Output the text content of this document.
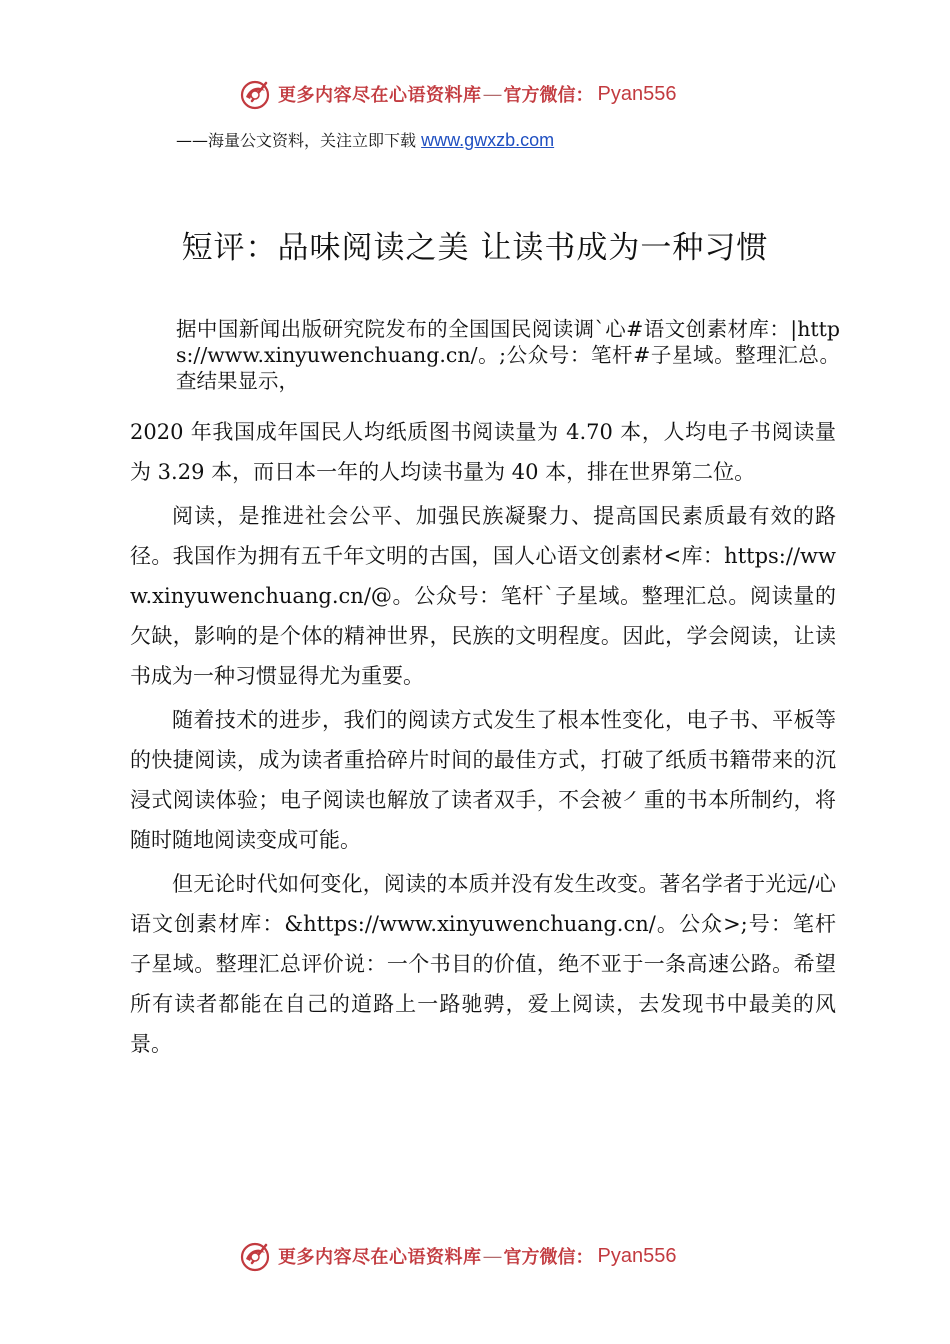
更多内容尽在心语资料库 — 官方微信： Pyan556
——海量公文资料，关注立即下载 www.gwxzb.com
短评：品味阅读之美 让读书成为一种习惯
据中国新闻出版研究院发布的全国国民阅读调`心#语文创素材库：|https://www.xinyuwenchuang.cn/。;公众号：笔杆#子星域。整理汇总。查结果显示，

2020 年我国成年国民人均纸质图书阅读量为 4.70 本，人均电子书阅读量为 3.29 本，而日本一年的人均读书量为 40 本，排在世界第二位。

阅读，是推进社会公平、加强民族凝聚力、提高国民素质最有效的路径。我国作为拥有五千年文明的古国，国人心语文创素材<库：https://www.xinyuwenchuang.cn/@。公众号：笔杆`子星域。整理汇总。阅读量的欠缺，影响的是个体的精神世界，民族的文明程度。因此，学会阅读，让读书成为一种习惯显得尤为重要。

随着技术的进步，我们的阅读方式发生了根本性变化，电子书、平板等的快捷阅读，成为读者重拾碎片时间的最佳方式，打破了纸质书籍带来的沉浸式阅读体验；电子阅读也解放了读者双手，不会被㇒重的书本所制约，将随时随地阅读变成可能。

但无论时代如何变化，阅读的本质并没有发生改变。著名学者于光远/心语文创素材库：&https://www.xinyuwenchuang.cn/。公众>;号：笔杆子星域。整理汇总评价说：一个书目的价值，绝不亚于一条高速公路。希望所有读者都能在自己的道路上一路驰骋，爱上阅读，去发现书中最美的风景。

更多内容尽在心语资料库 — 官方微信： Pyan556
